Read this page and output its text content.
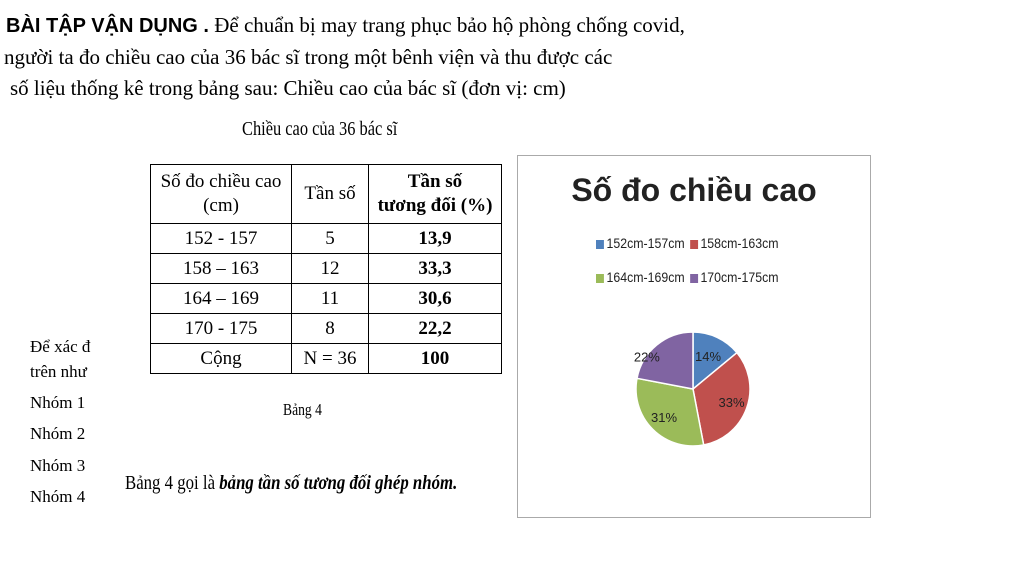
BÀI TẬP VẬN DỤNG . Để chuẩn bị may trang phục bảo hộ phòng chống covid,
người ta đo chiều cao của 36 bác sĩ trong một bênh viện và thu được các
số liệu thống kê trong bảng sau: Chiều cao của bác sĩ (đơn vị: cm)
Để xác đ
trên như
Nhóm 1
Nhóm 2
Nhóm 3
Nhóm 4
Chiều cao của 36 bác sĩ
Số đo chiều cao
(cm)	Tần số	Tần số
tương đối (%)
152 - 157	5	13,9
158 – 163	12	33,3
164 – 169	11	30,6
170 - 175	8	22,2
Cộng	N = 36	100
Bảng 4
Bảng 4 gọi là bảng tần số tương đối ghép nhóm.
Số đo chiều cao
152cm-157cm 158cm-163cm
164cm-169cm 170cm-175cm
14%
33%
31%
22%
